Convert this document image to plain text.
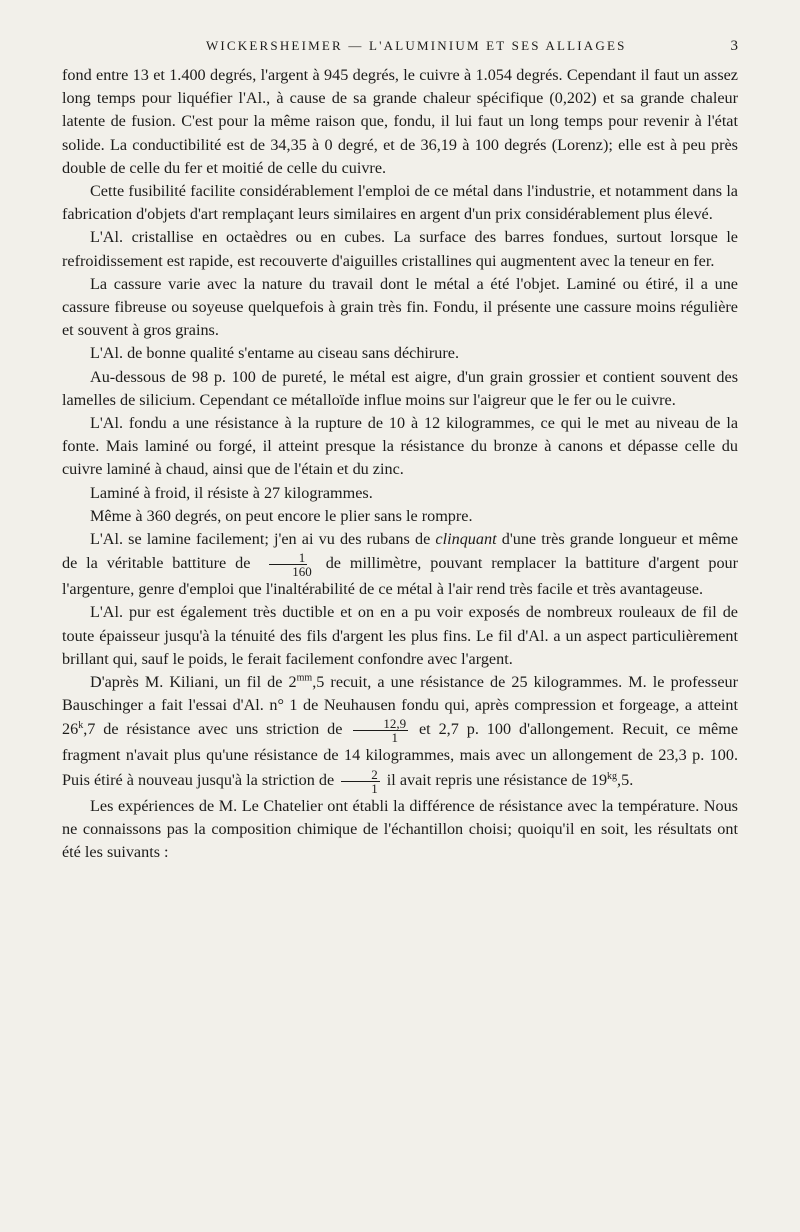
WICKERSHEIMER — L'ALUMINIUM ET SES ALLIAGES	3

fond entre 13 et 1.400 degrés, l'argent à 945 degrés, le cuivre à 1.054 degrés. Cependant il faut un assez long temps pour liquéfier l'Al., à cause de sa grande chaleur spécifique (0,202) et sa grande chaleur latente de fusion. C'est pour la même raison que, fondu, il lui faut un long temps pour revenir à l'état solide. La conductibilité est de 34,35 à 0 degré, et de 36,19 à 100 degrés (Lorenz); elle est à peu près double de celle du fer et moitié de celle du cuivre.

Cette fusibilité facilite considérablement l'emploi de ce métal dans l'industrie, et notamment dans la fabrication d'objets d'art remplaçant leurs similaires en argent d'un prix considérablement plus élevé.

L'Al. cristallise en octaèdres ou en cubes. La surface des barres fondues, surtout lorsque le refroidissement est rapide, est recouverte d'aiguilles cristallines qui augmentent avec la teneur en fer.

La cassure varie avec la nature du travail dont le métal a été l'objet. Laminé ou étiré, il a une cassure fibreuse ou soyeuse quelquefois à grain très fin. Fondu, il présente une cassure moins régulière et souvent à gros grains.

L'Al. de bonne qualité s'entame au ciseau sans déchirure.

Au-dessous de 98 p. 100 de pureté, le métal est aigre, d'un grain grossier et contient souvent des lamelles de silicium. Cependant ce métalloïde influe moins sur l'aigreur que le fer ou le cuivre.

L'Al. fondu a une résistance à la rupture de 10 à 12 kilogrammes, ce qui le met au niveau de la fonte. Mais laminé ou forgé, il atteint presque la résistance du bronze à canons et dépasse celle du cuivre laminé à chaud, ainsi que de l'étain et du zinc.

Laminé à froid, il résiste à 27 kilogrammes.

Même à 360 degrés, on peut encore le plier sans le rompre.

L'Al. se lamine facilement; j'en ai vu des rubans de clinquant d'une très grande longueur et même de la véritable battiture de $\frac{1}{160}$ de millimètre, pouvant remplacer la battiture d'argent pour l'argenture, genre d'emploi que l'inaltérabilité de ce métal à l'air rend très facile et très avantageuse.

L'Al. pur est également très ductible et on en a pu voir exposés de nombreux rouleaux de fil de toute épaisseur jusqu'à la ténuité des fils d'argent les plus fins. Le fil d'Al. a un aspect particulièrement brillant qui, sauf le poids, le ferait facilement confondre avec l'argent.

D'après M. Kiliani, un fil de $2^{mm},5$ recuit, a une résistance de 25 kilogrammes. M. le professeur Bauschinger a fait l'essai d'Al. n° 1 de Neuhausen fondu qui, après compression et forgeage, a atteint 26$^k$,7 de résistance avec uns striction de $\frac{12,9}{1}$ et 2,7 p. 100 d'allongement. Recuit, ce même fragment n'avait plus qu'une résistance de 14 kilogrammes, mais avec un allongement de 23,3 p. 100. Puis étiré à nouveau jusqu'à la striction de $\frac{2}{1}$ il avait repris une résistance de $19^{kg},5$.

Les expériences de M. Le Chatelier ont établi la différence de résistance avec la température. Nous ne connaissons pas la composition chimique de l'échantillon choisi; quoiqu'il en soit, les résultats ont été les suivants :
